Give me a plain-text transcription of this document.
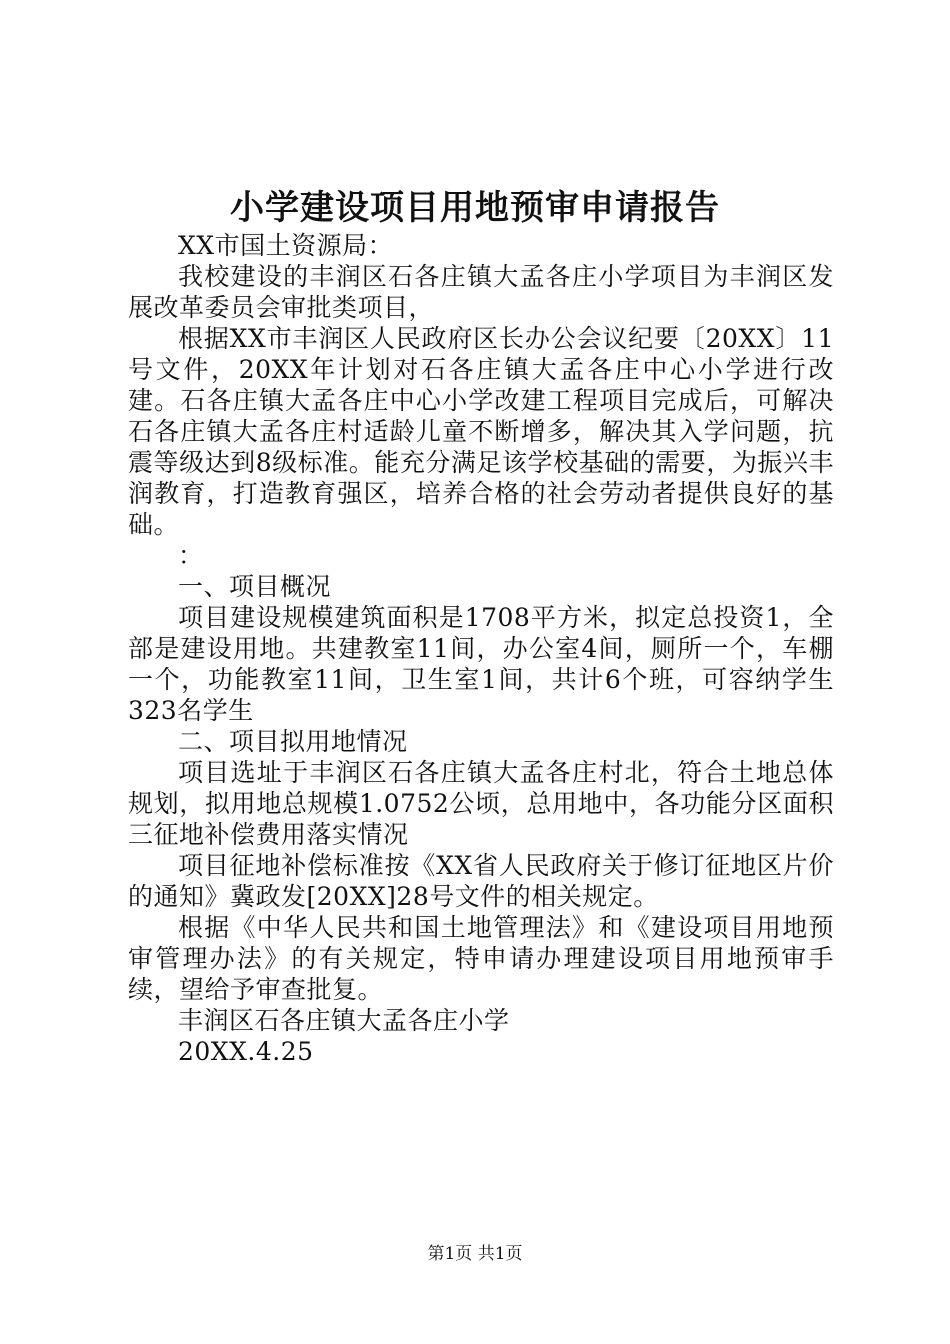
小学建设项目用地预审申请报告

XX市国土资源局：

我校建设的丰润区石各庄镇大孟各庄小学项目为丰润区发展改革委员会审批类项目，

根据XX市丰润区人民政府区长办公会议纪要〔20XX〕11号文件，20XX年计划对石各庄镇大孟各庄中心小学进行改建。石各庄镇大孟各庄中心小学改建工程项目完成后，可解决石各庄镇大孟各庄村适龄儿童不断增多，解决其入学问题，抗震等级达到8级标准。能充分满足该学校基础的需要，为振兴丰润教育，打造教育强区，培养合格的社会劳动者提供良好的基础。

：

一、项目概况

项目建设规模建筑面积是1708平方米，拟定总投资1，全部是建设用地。共建教室11间，办公室4间，厕所一个，车棚一个，功能教室11间，卫生室1间，共计6个班，可容纳学生323名学生

二、项目拟用地情况

项目选址于丰润区石各庄镇大孟各庄村北，符合土地总体规划，拟用地总规模1.0752公顷，总用地中，各功能分区面积三征地补偿费用落实情况

项目征地补偿标准按《XX省人民政府关于修订征地区片价的通知》冀政发[20XX]28号文件的相关规定。

根据《中华人民共和国土地管理法》和《建设项目用地预审管理办法》的有关规定，特申请办理建设项目用地预审手续，望给予审查批复。

丰润区石各庄镇大孟各庄小学

20XX.4.25

第1页 共1页
